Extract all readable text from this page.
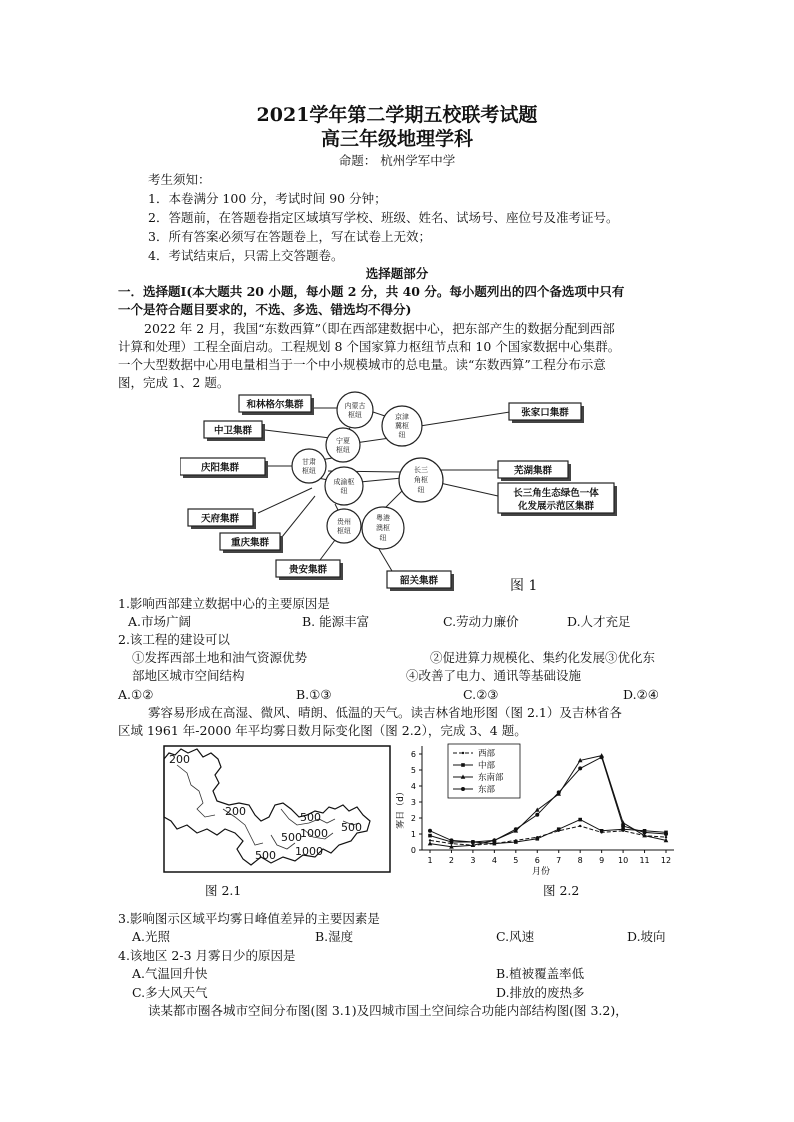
2021学年第二学期五校联考试题
高三年级地理学科
命题： 杭州学军中学
考生须知：
1．本卷满分 100 分，考试时间 90 分钟；
2．答题前，在答题卷指定区域填写学校、班级、姓名、试场号、座位号及准考证号。
3．所有答案必须写在答题卷上，写在试卷上无效；
4．考试结束后，只需上交答题卷。
选择题部分
一．选择题Ⅰ(本大题共 20 小题，每小题 2 分，共 40 分。每小题列出的四个备选项中只有
一个是符合题目要求的，不选、多选、错选均不得分)
2022 年 2 月，我国“东数西算”（即在西部建数据中心，把东部产生的数据分配到西部
计算和处理）工程全面启动。工程规划 8 个国家算力枢纽节点和 10 个国家数据中心集群。
一个大型数据中心用电量相当于一个中小规模城市的总电量。读“东数西算”工程分布示意
图，完成 1、2 题。
内蒙古
枢纽	京津
冀枢
纽
宁夏
枢纽
甘肃
枢纽
成渝枢
纽
长三
角枢
纽
贵州
枢纽
粤港
澳枢
纽
和林格尔集群
张家口集群
中卫集群
庆阳集群	芜湖集群
长三角生态绿色一体
化发展示范区集群
天府集群
重庆集群
贵安集群
韶关集群	图 1
1.影响西部建立数据中心的主要原因是
A.市场广阔	B. 能源丰富	C.劳动力廉价	D.人才充足
2.该工程的建设可以
①发挥西部土地和油气资源优势	②促进算力规模化、集约化发展③优化东
部地区城市空间结构	④改善了电力、通讯等基础设施
A.①②	B.①③	C.②③	D.②④
雾容易形成在高湿、微风、晴朗、低温的天气。读吉林省地形图（图 2.1）及吉林省各
区域 1961 年-2000 年平均雾日数月际变化图（图 2.2），完成 3、4 题。
200
200	500
1000 500
1000
500
500
图 2.1
0
1
2
3
4
5
6
1 2 3 4 5 6 7 8 9 10 11 12
西部
中部
东南部
东部
月份
雾日（d）
图 2.2
3.影响图示区域平均雾日峰值差异的主要因素是
A.光照	B.湿度	C.风速	D.坡向
4.该地区 2-3 月雾日少的原因是
A.气温回升快	B.植被覆盖率低
C.多大风天气	D.排放的废热多
读某都市圈各城市空间分布图(图 3.1)及四城市国土空间综合功能内部结构图(图 3.2)，
